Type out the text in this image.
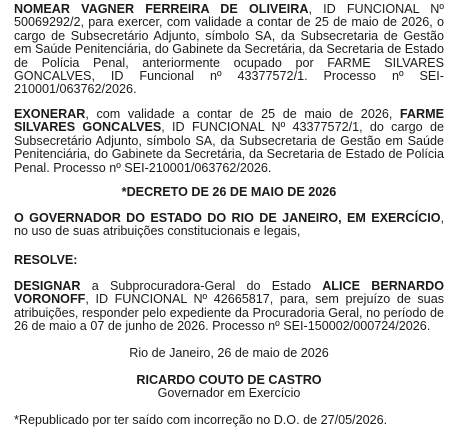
NOMEAR VAGNER FERREIRA DE OLIVEIRA, ID FUNCIONAL Nº 50069292/2, para exercer, com validade a contar de 25 de maio de 2026, o cargo de Subsecretário Adjunto, símbolo SA, da Subsecretaria de Gestão em Saúde Penitenciária, do Gabinete da Secretária, da Secretaria de Estado de Polícia Penal, anteriormente ocupado por FARME SILVARES GONCALVES, ID Funcional nº 43377572/1. Processo nº SEI-210001/063762/2026.

EXONERAR, com validade a contar de 25 de maio de 2026, FARME SILVARES GONCALVES, ID FUNCIONAL Nº 43377572/1, do cargo de Subsecretário Adjunto, símbolo SA, da Subsecretaria de Gestão em Saúde Penitenciária, do Gabinete da Secretária, da Secretaria de Estado de Polícia Penal. Processo nº SEI-210001/063762/2026.

*DECRETO DE 26 DE MAIO DE 2026

O GOVERNADOR DO ESTADO DO RIO DE JANEIRO, EM EXERCÍCIO, no uso de suas atribuições constitucionais e legais,

RESOLVE:

DESIGNAR a Subprocuradora-Geral do Estado ALICE BERNARDO VORONOFF, ID FUNCIONAL Nº 42665817, para, sem prejuízo de suas atribuições, responder pelo expediente da Procuradoria Geral, no período de 26 de maio a 07 de junho de 2026. Processo nº SEI-150002/000724/2026.

Rio de Janeiro, 26 de maio de 2026

RICARDO COUTO DE CASTRO

Governador em Exercício

*Republicado por ter saído com incorreção no D.O. de 27/05/2026.
